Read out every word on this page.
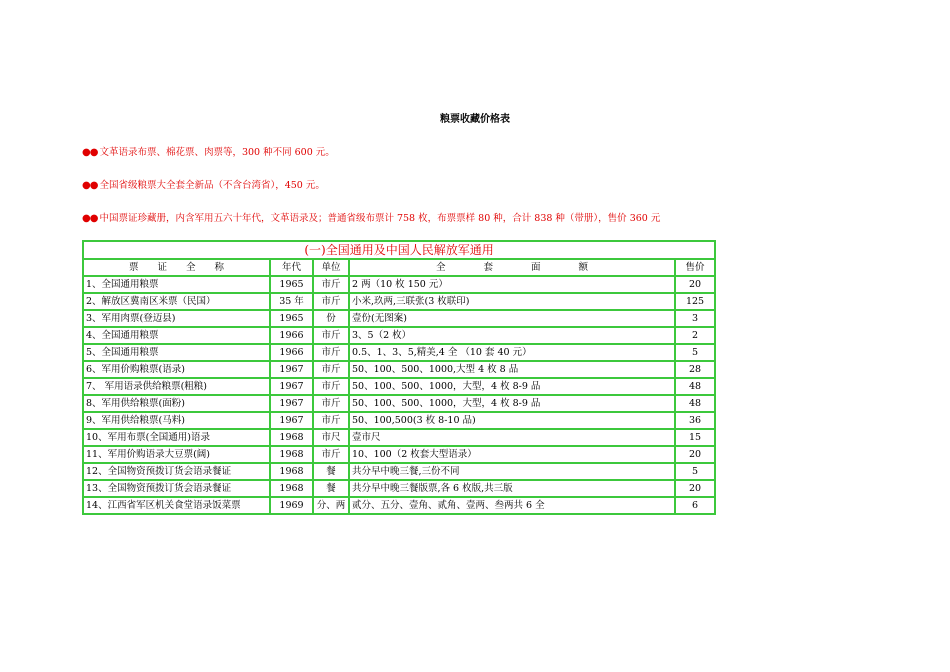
粮票收藏价格表
●● 文革语录布票、棉花票、肉票等，300 种不同 600 元。
●● 全国省级粮票大全套全新品（不含台湾省），450 元。
●● 中国票证珍藏册，内含军用五六十年代，文革语录及；普通省级布票计 758 枚，布票票样 80 种，合计 838 种（带册），售价 360 元
(一)全国通用及中国人民解放军通用				
票　　证　　全　　称	年代	单位	全　　　　套　　　　面　　　　额	售价
1、全国通用粮票	1965	市斤	2 两（10 枚 150 元）	20
2、解放区冀南区米票（民国）	35 年	市斤	小米,玖两,三联张(3 枚联印)	125
3、军用肉票(登迈县)	1965	份	壹份(无图案)	3
4、全国通用粮票	1966	市斤	3、5（2 枚）	2
5、全国通用粮票	1966	市斤	0.5、1、3、5,精美,4 全 （10 套 40 元）	5
6、军用价购粮票(语录)	1967	市斤	50、100、500、1000,大型 4 枚 8 品	28
7、 军用语录供给粮票(粗粮)	1967	市斤	50、100、500、1000，大型，4 枚 8-9 品	48
8、军用供给粮票(面粉)	1967	市斤	50、100、500、1000，大型，4 枚 8-9 品	48
9、军用供给粮票(马料)	1967	市斤	50、100,500(3 枚 8-10 品)	36
10、军用布票(全国通用)语录	1968	市尺	壹市尺	15
11、军用价购语录大豆票(阔)	1968	市斤	10、100（2 枚套大型语录）	20
12、全国物资预拨订货会语录餐证	1968	餐	共分早中晚三餐,三份不同	5
13、全国物资预拨订货会语录餐证	1968	餐	共分早中晚三餐版票,各 6 枚版,共三版	20
14、江西省军区机关食堂语录饭菜票	1969	分、两	贰分、五分、壹角、贰角、壹两、叁两共 6 全	6
